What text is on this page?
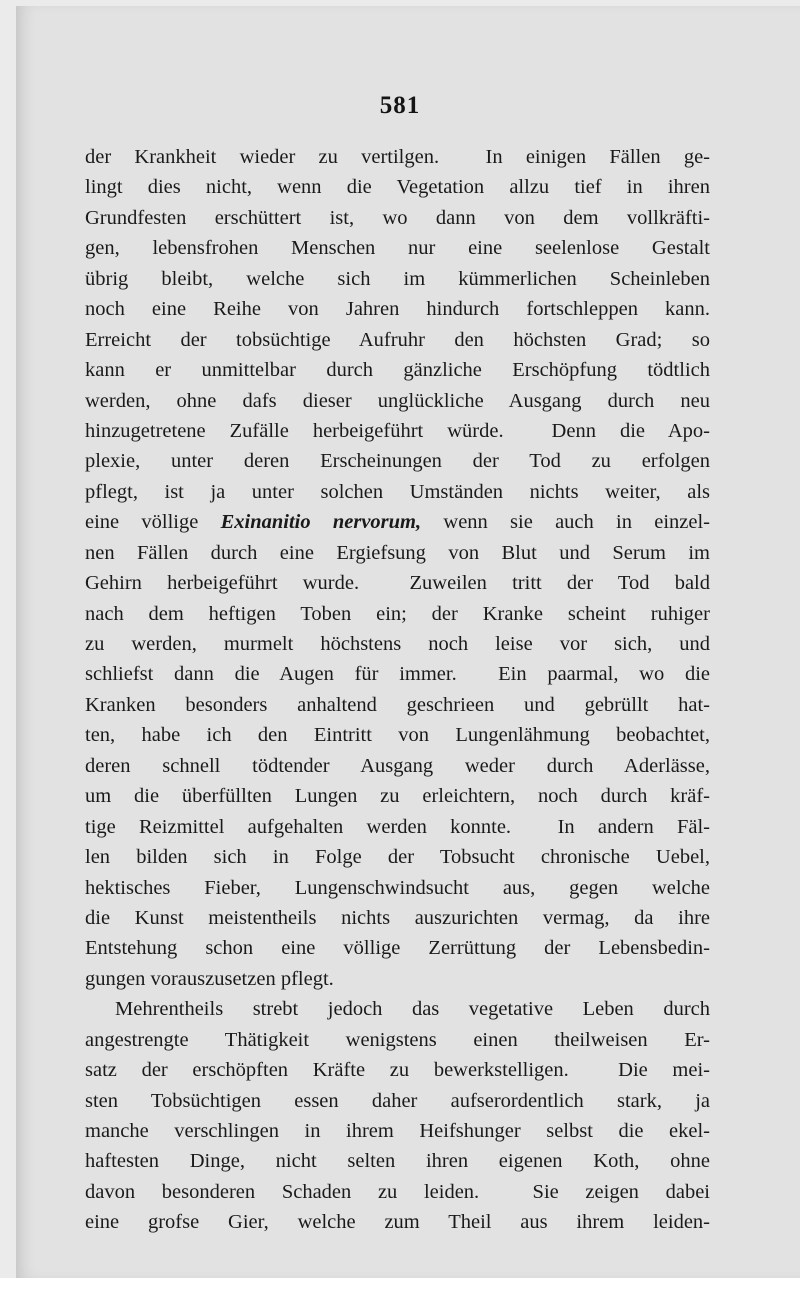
581
der Krankheit wieder zu vertilgen.  In einigen Fällen ge-
lingt dies nicht, wenn die Vegetation allzu tief in ihren
Grundfesten erschüttert ist, wo dann von dem vollkräfti-
gen, lebensfrohen Menschen nur eine seelenlose Gestalt
übrig bleibt, welche sich im kümmerlichen Scheinleben
noch eine Reihe von Jahren hindurch fortschleppen kann.
Erreicht der tobsüchtige Aufruhr den höchsten Grad; so
kann er unmittelbar durch gänzliche Erschöpfung tödtlich
werden, ohne dafs dieser unglückliche Ausgang durch neu
hinzugetretene Zufälle herbeigeführt würde.  Denn die Apo-
plexie, unter deren Erscheinungen der Tod zu erfolgen
pflegt, ist ja unter solchen Umständen nichts weiter, als
eine völlige Exinanitio nervorum, wenn sie auch in einzel-
nen Fällen durch eine Ergiefsung von Blut und Serum im
Gehirn herbeigeführt wurde.  Zuweilen tritt der Tod bald
nach dem heftigen Toben ein; der Kranke scheint ruhiger
zu werden, murmelt höchstens noch leise vor sich, und
schliefst dann die Augen für immer.  Ein paarmal, wo die
Kranken besonders anhaltend geschrieen und gebrüllt hat-
ten, habe ich den Eintritt von Lungenlähmung beobachtet,
deren schnell tödtender Ausgang weder durch Aderlässe,
um die überfüllten Lungen zu erleichtern, noch durch kräf-
tige Reizmittel aufgehalten werden konnte.  In andern Fäl-
len bilden sich in Folge der Tobsucht chronische Uebel,
hektisches Fieber, Lungenschwindsucht aus, gegen welche
die Kunst meistentheils nichts auszurichten vermag, da ihre
Entstehung schon eine völlige Zerrüttung der Lebensbedin-
gungen vorauszusetzen pflegt.
Mehrentheils strebt jedoch das vegetative Leben durch
angestrengte Thätigkeit wenigstens einen theilweisen Er-
satz der erschöpften Kräfte zu bewerkstelligen.  Die mei-
sten Tobsüchtigen essen daher aufserordentlich stark, ja
manche verschlingen in ihrem Heifshunger selbst die ekel-
haftesten Dinge, nicht selten ihren eigenen Koth, ohne
davon besonderen Schaden zu leiden.  Sie zeigen dabei
eine grofse Gier, welche zum Theil aus ihrem leiden-
